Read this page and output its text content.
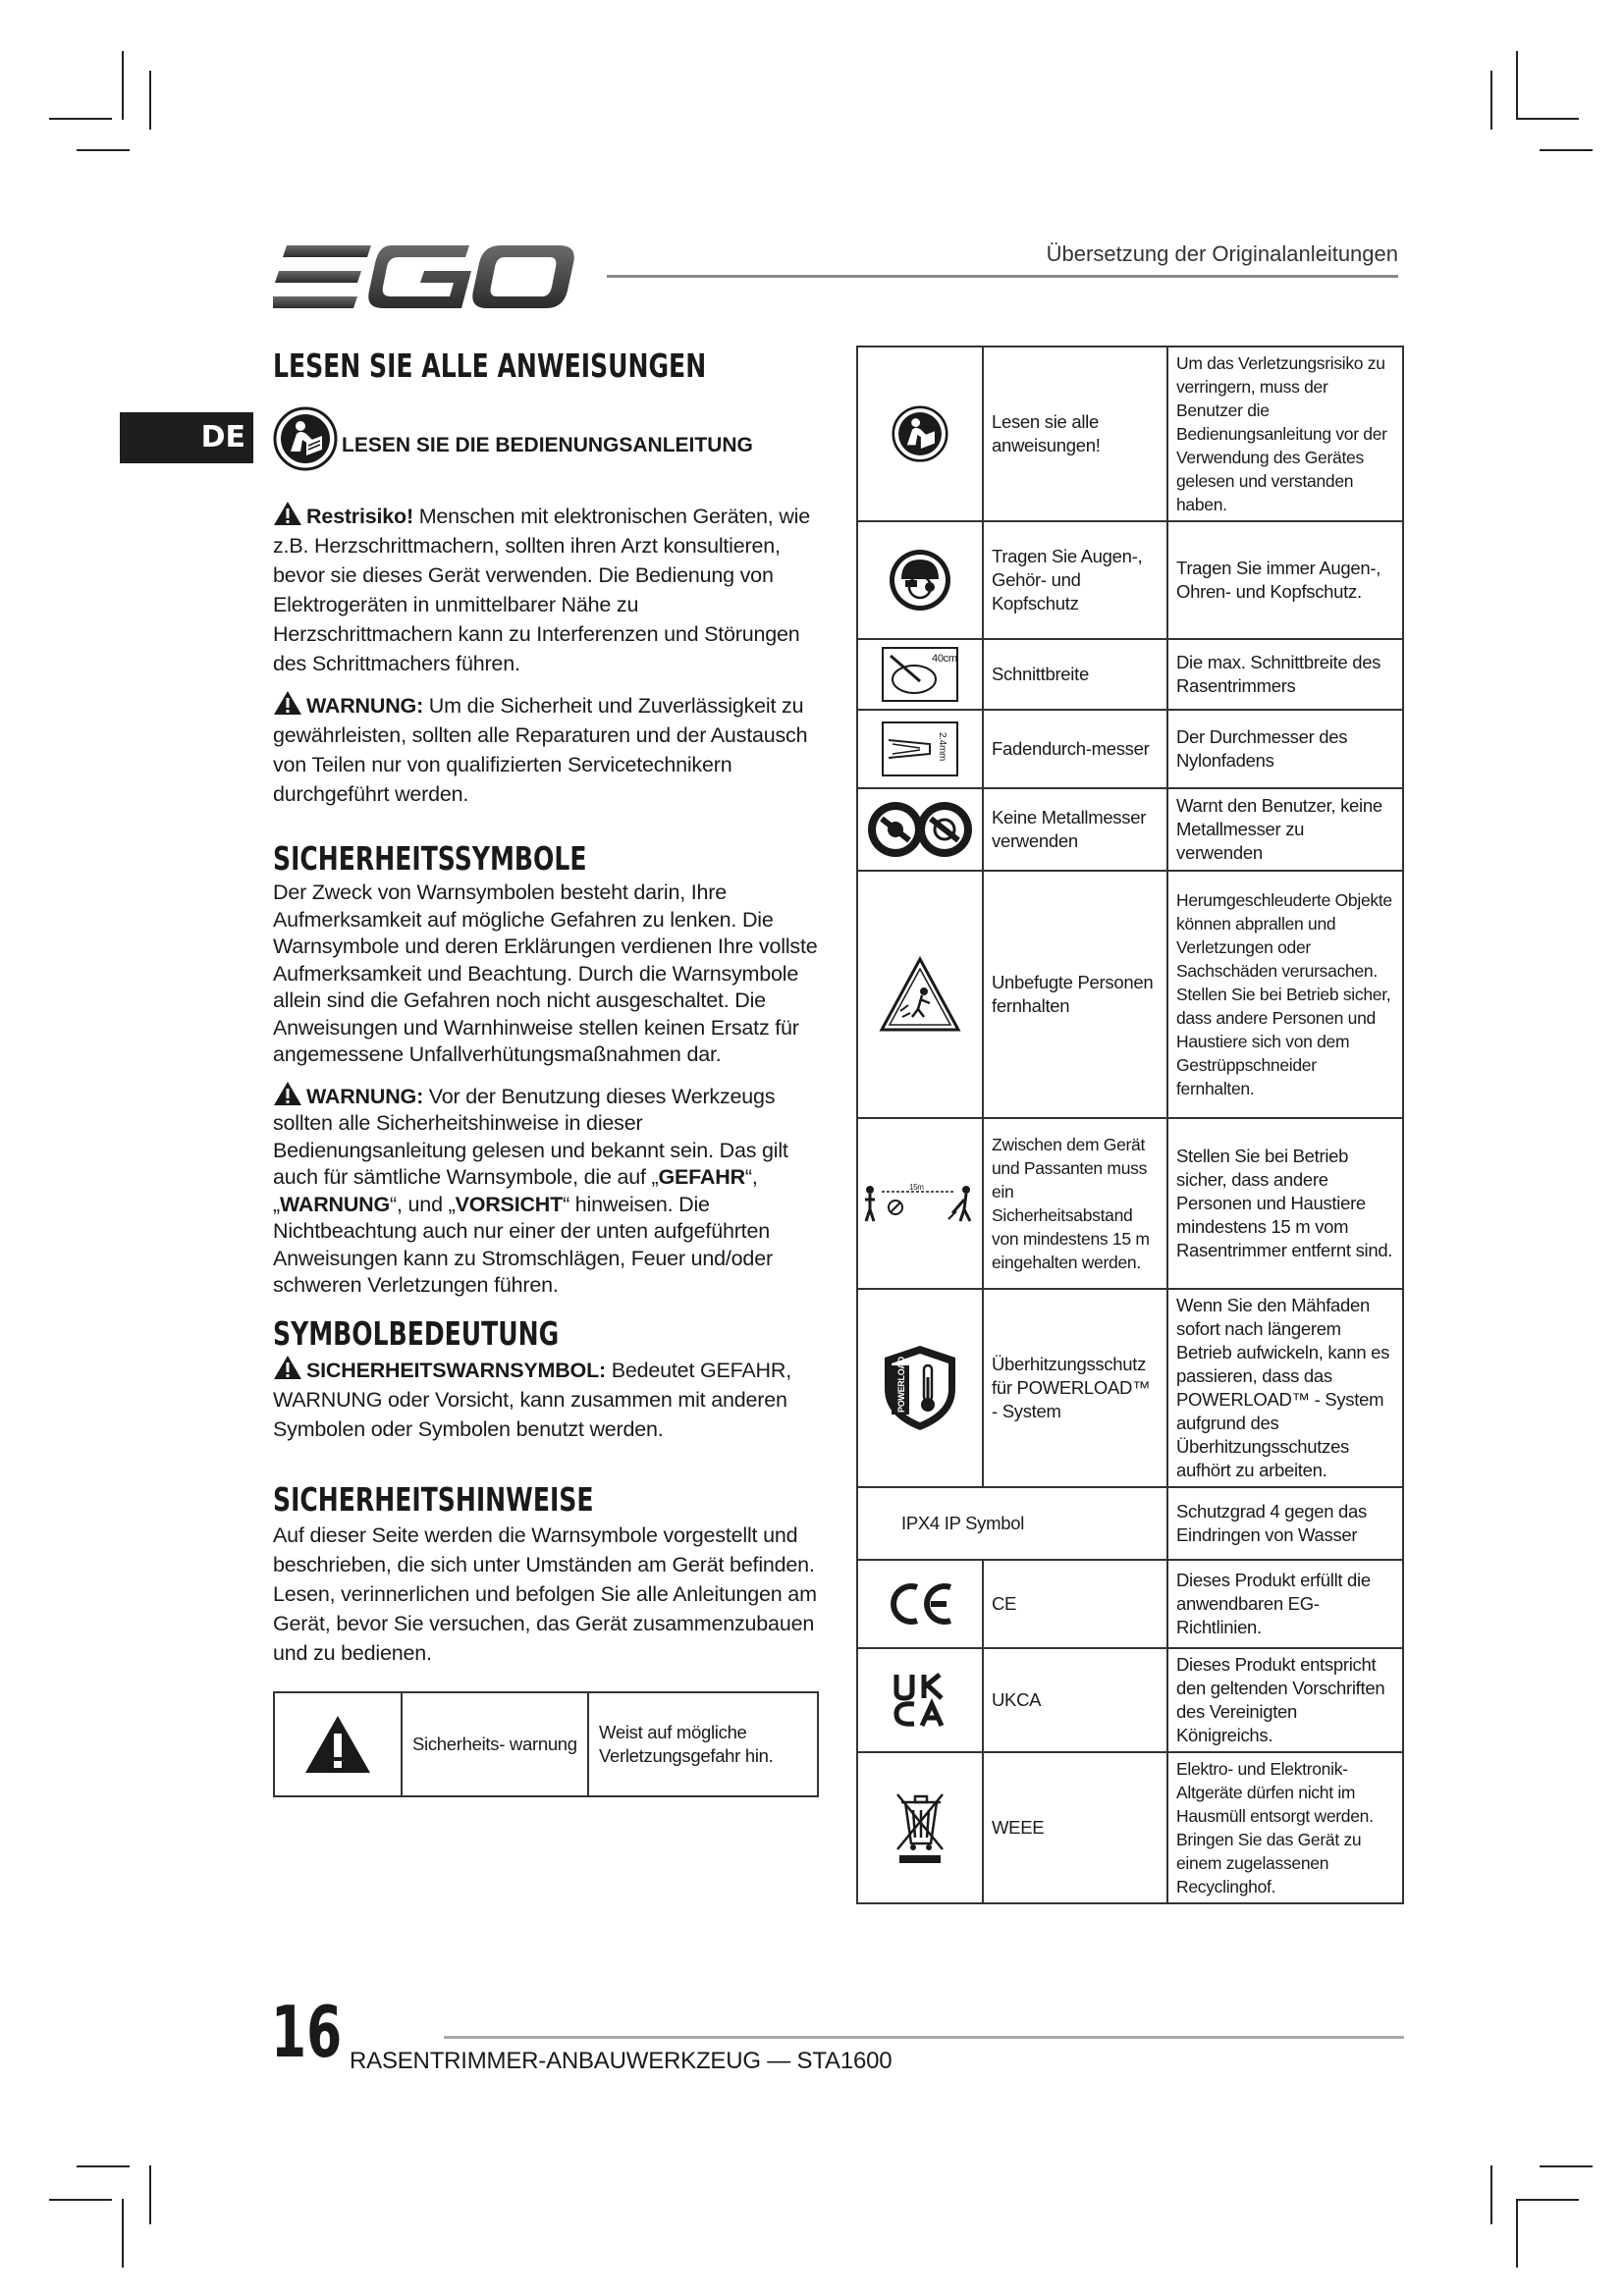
Übersetzung der Originalanleitungen
DE
LESEN SIE ALLE ANWEISUNGEN
LESEN SIE DIE BEDIENUNGSANLEITUNG

Restrisiko! Menschen mit elektronischen Geräten, wie z.B. Herzschrittmachern, sollten ihren Arzt konsultieren, bevor sie dieses Gerät verwenden. Die Bedienung von Elektrogeräten in unmittelbarer Nähe zu Herzschrittmachern kann zu Interferenzen und Störungen des Schrittmachers führen.

WARNUNG: Um die Sicherheit und Zuverlässigkeit zu gewährleisten, sollten alle Reparaturen und der Austausch von Teilen nur von qualifizierten Servicetechnikern durchgeführt werden.

SICHERHEITSSYMBOLE

Der Zweck von Warnsymbolen besteht darin, Ihre Aufmerksamkeit auf mögliche Gefahren zu lenken. Die Warnsymbole und deren Erklärungen verdienen Ihre vollste Aufmerksamkeit und Beachtung. Durch die Warnsymbole allein sind die Gefahren noch nicht ausgeschaltet. Die Anweisungen und Warnhinweise stellen keinen Ersatz für angemessene Unfallverhütungsmaßnahmen dar.

WARNUNG: Vor der Benutzung dieses Werkzeugs sollten alle Sicherheitshinweise in dieser Bedienungsanleitung gelesen und bekannt sein. Das gilt auch für sämtliche Warnsymbole, die auf „GEFAHR“, „WARNUNG“, und „VORSICHT“ hinweisen. Die Nichtbeachtung auch nur einer der unten aufgeführten Anweisungen kann zu Stromschlägen, Feuer und/oder schweren Verletzungen führen.

SYMBOLBEDEUTUNG

SICHERHEITSWARNSYMBOL: Bedeutet GEFAHR, WARNUNG oder Vorsicht, kann zusammen mit anderen Symbolen oder Symbolen benutzt werden.

SICHERHEITSHINWEISE

Auf dieser Seite werden die Warnsymbole vorgestellt und beschrieben, die sich unter Umständen am Gerät befinden. Lesen, verinnerlichen und befolgen Sie alle Anleitungen am Gerät, bevor Sie versuchen, das Gerät zusammenzubauen und zu bedienen.

	Sicherheits- warnung	Weist auf mögliche Verletzungsgefahr hin.
	Lesen sie alle anweisungen!	Um das Verletzungsrisiko zu verringern, muss der Benutzer die Bedienungsanleitung vor der Verwendung des Gerätes gelesen und verstanden haben.

	Tragen Sie Augen-, Gehör- und Kopfschutz	Tragen Sie immer Augen-, Ohren- und Kopfschutz.

40cm	Schnittbreite	Die max. Schnittbreite des Rasentrimmers

2.4mm	Fadendurch-messer	Der Durchmesser des Nylonfadens

	Keine Metallmesser verwenden	Warnt den Benutzer, keine Metallmesser zu verwenden

	Unbefugte Personen fernhalten	Herumgeschleuderte Objekte können abprallen und Verletzungen oder Sachschäden verursachen. Stellen Sie bei Betrieb sicher, dass andere Personen und Haustiere sich von dem Gestrüppschneider fernhalten.

15m	Zwischen dem Gerät und Passanten muss ein Sicherheitsabstand von mindestens 15 m eingehalten werden.	Stellen Sie bei Betrieb sicher, dass andere Personen und Haustiere mindestens 15 m vom Rasentrimmer entfernt sind.

POWERLOAD	Überhitzungsschutz für POWERLOAD™ - System	Wenn Sie den Mähfaden sofort nach längerem Betrieb aufwickeln, kann es passieren, dass das POWERLOAD™ - System aufgrund des Überhitzungsschutzes aufhört zu arbeiten.
IPX4 IP Symbol		Schutzgrad 4 gegen das Eindringen von Wasser

	CE	Dieses Produkt erfüllt die anwendbaren EG-Richtlinien.

	UKCA	Dieses Produkt entspricht den geltenden Vorschriften des Vereinigten Königreichs.

	WEEE	Elektro- und Elektronik-Altgeräte dürfen nicht im Hausmüll entsorgt werden. Bringen Sie das Gerät zu einem zugelassenen Recyclinghof.
16 RASENTRIMMER-ANBAUWERKZEUG — STA1600
